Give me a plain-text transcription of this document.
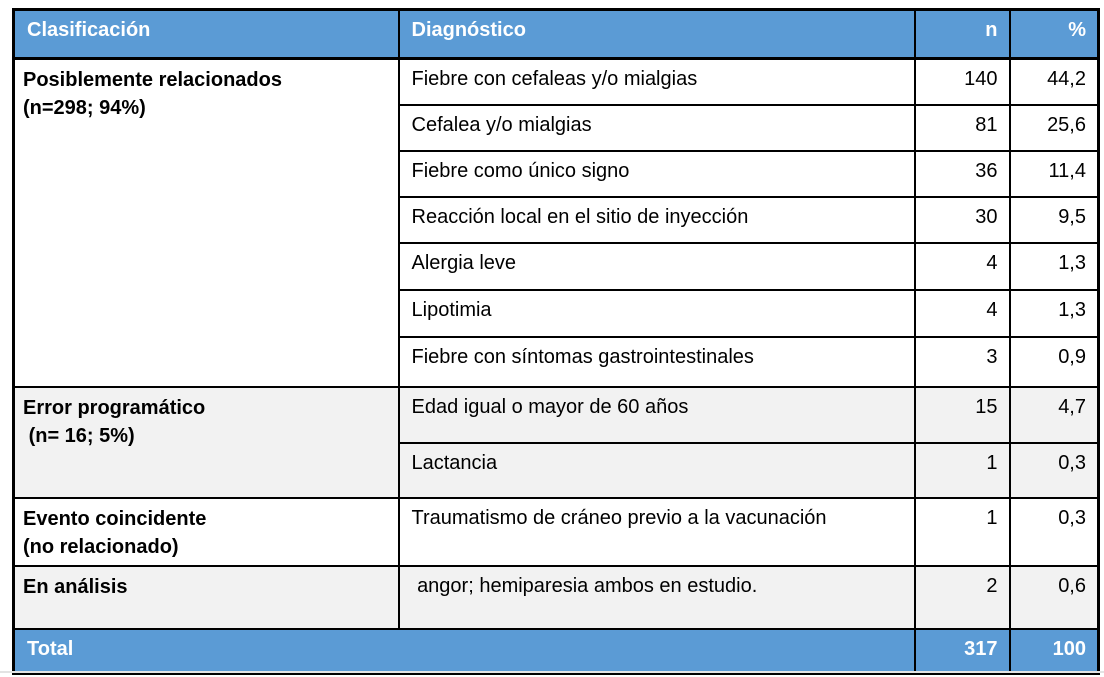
Clasificación	Diagnóstico	n	%

Posiblemente relacionados
(n=298; 94%)	Fiebre con cefaleas y/o mialgias	140	44,2
	Cefalea y/o mialgias	81	25,6
	Fiebre como único signo	36	11,4
	Reacción local en el sitio de inyección	30	9,5
	Alergia leve	4	1,3
	Lipotimia	4	1,3
	Fiebre con síntomas gastrointestinales	3	0,9

Error programático
(n= 16; 5%)	Edad igual o mayor de 60 años	15	4,7
	Lactancia	1	0,3

Evento coincidente
(no relacionado)	Traumatismo de cráneo previo a la vacunación	1	0,3

En análisis	angor; hemiparesia ambos en estudio.	2	0,6
Total		317	100
